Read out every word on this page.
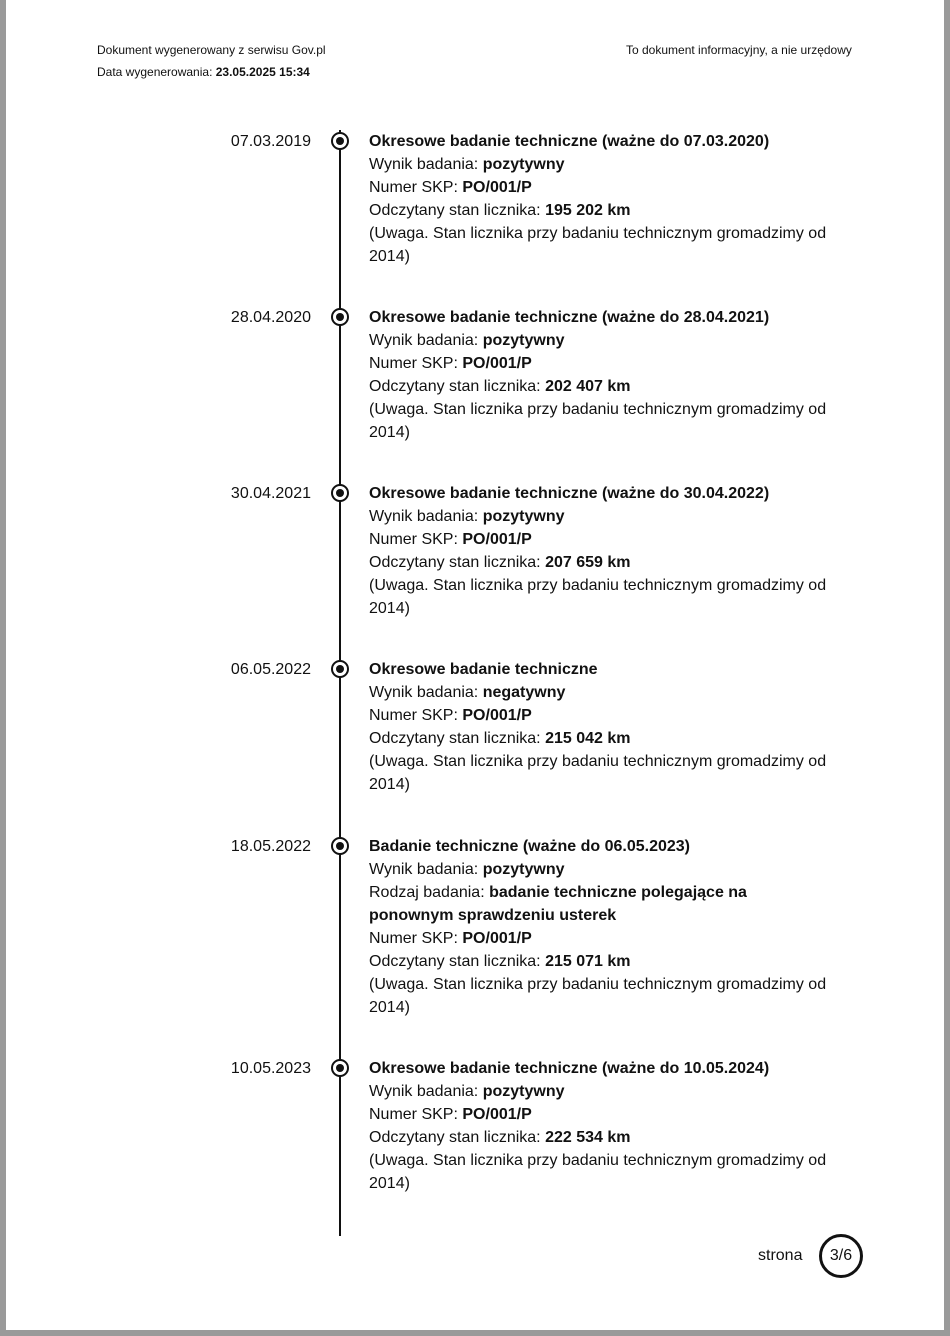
Dokument wygenerowany z serwisu Gov.pl
Data wygenerowania: 23.05.2025 15:34
To dokument informacyjny, a nie urzędowy
07.03.2019	Okresowe badanie techniczne (ważne do 07.03.2020)
Wynik badania: pozytywny
Numer SKP: PO/001/P
Odczytany stan licznika: 195 202 km
(Uwaga. Stan licznika przy badaniu technicznym gromadzimy od 2014)
28.04.2020	Okresowe badanie techniczne (ważne do 28.04.2021)
Wynik badania: pozytywny
Numer SKP: PO/001/P
Odczytany stan licznika: 202 407 km
(Uwaga. Stan licznika przy badaniu technicznym gromadzimy od 2014)
30.04.2021	Okresowe badanie techniczne (ważne do 30.04.2022)
Wynik badania: pozytywny
Numer SKP: PO/001/P
Odczytany stan licznika: 207 659 km
(Uwaga. Stan licznika przy badaniu technicznym gromadzimy od 2014)
06.05.2022	Okresowe badanie techniczne
Wynik badania: negatywny
Numer SKP: PO/001/P
Odczytany stan licznika: 215 042 km
(Uwaga. Stan licznika przy badaniu technicznym gromadzimy od 2014)
18.05.2022	Badanie techniczne (ważne do 06.05.2023)
Wynik badania: pozytywny
Rodzaj badania: badanie techniczne polegające na ponownym sprawdzeniu usterek
Numer SKP: PO/001/P
Odczytany stan licznika: 215 071 km
(Uwaga. Stan licznika przy badaniu technicznym gromadzimy od 2014)
10.05.2023	Okresowe badanie techniczne (ważne do 10.05.2024)
Wynik badania: pozytywny
Numer SKP: PO/001/P
Odczytany stan licznika: 222 534 km
(Uwaga. Stan licznika przy badaniu technicznym gromadzimy od 2014)
strona	3/6
otoMoto
